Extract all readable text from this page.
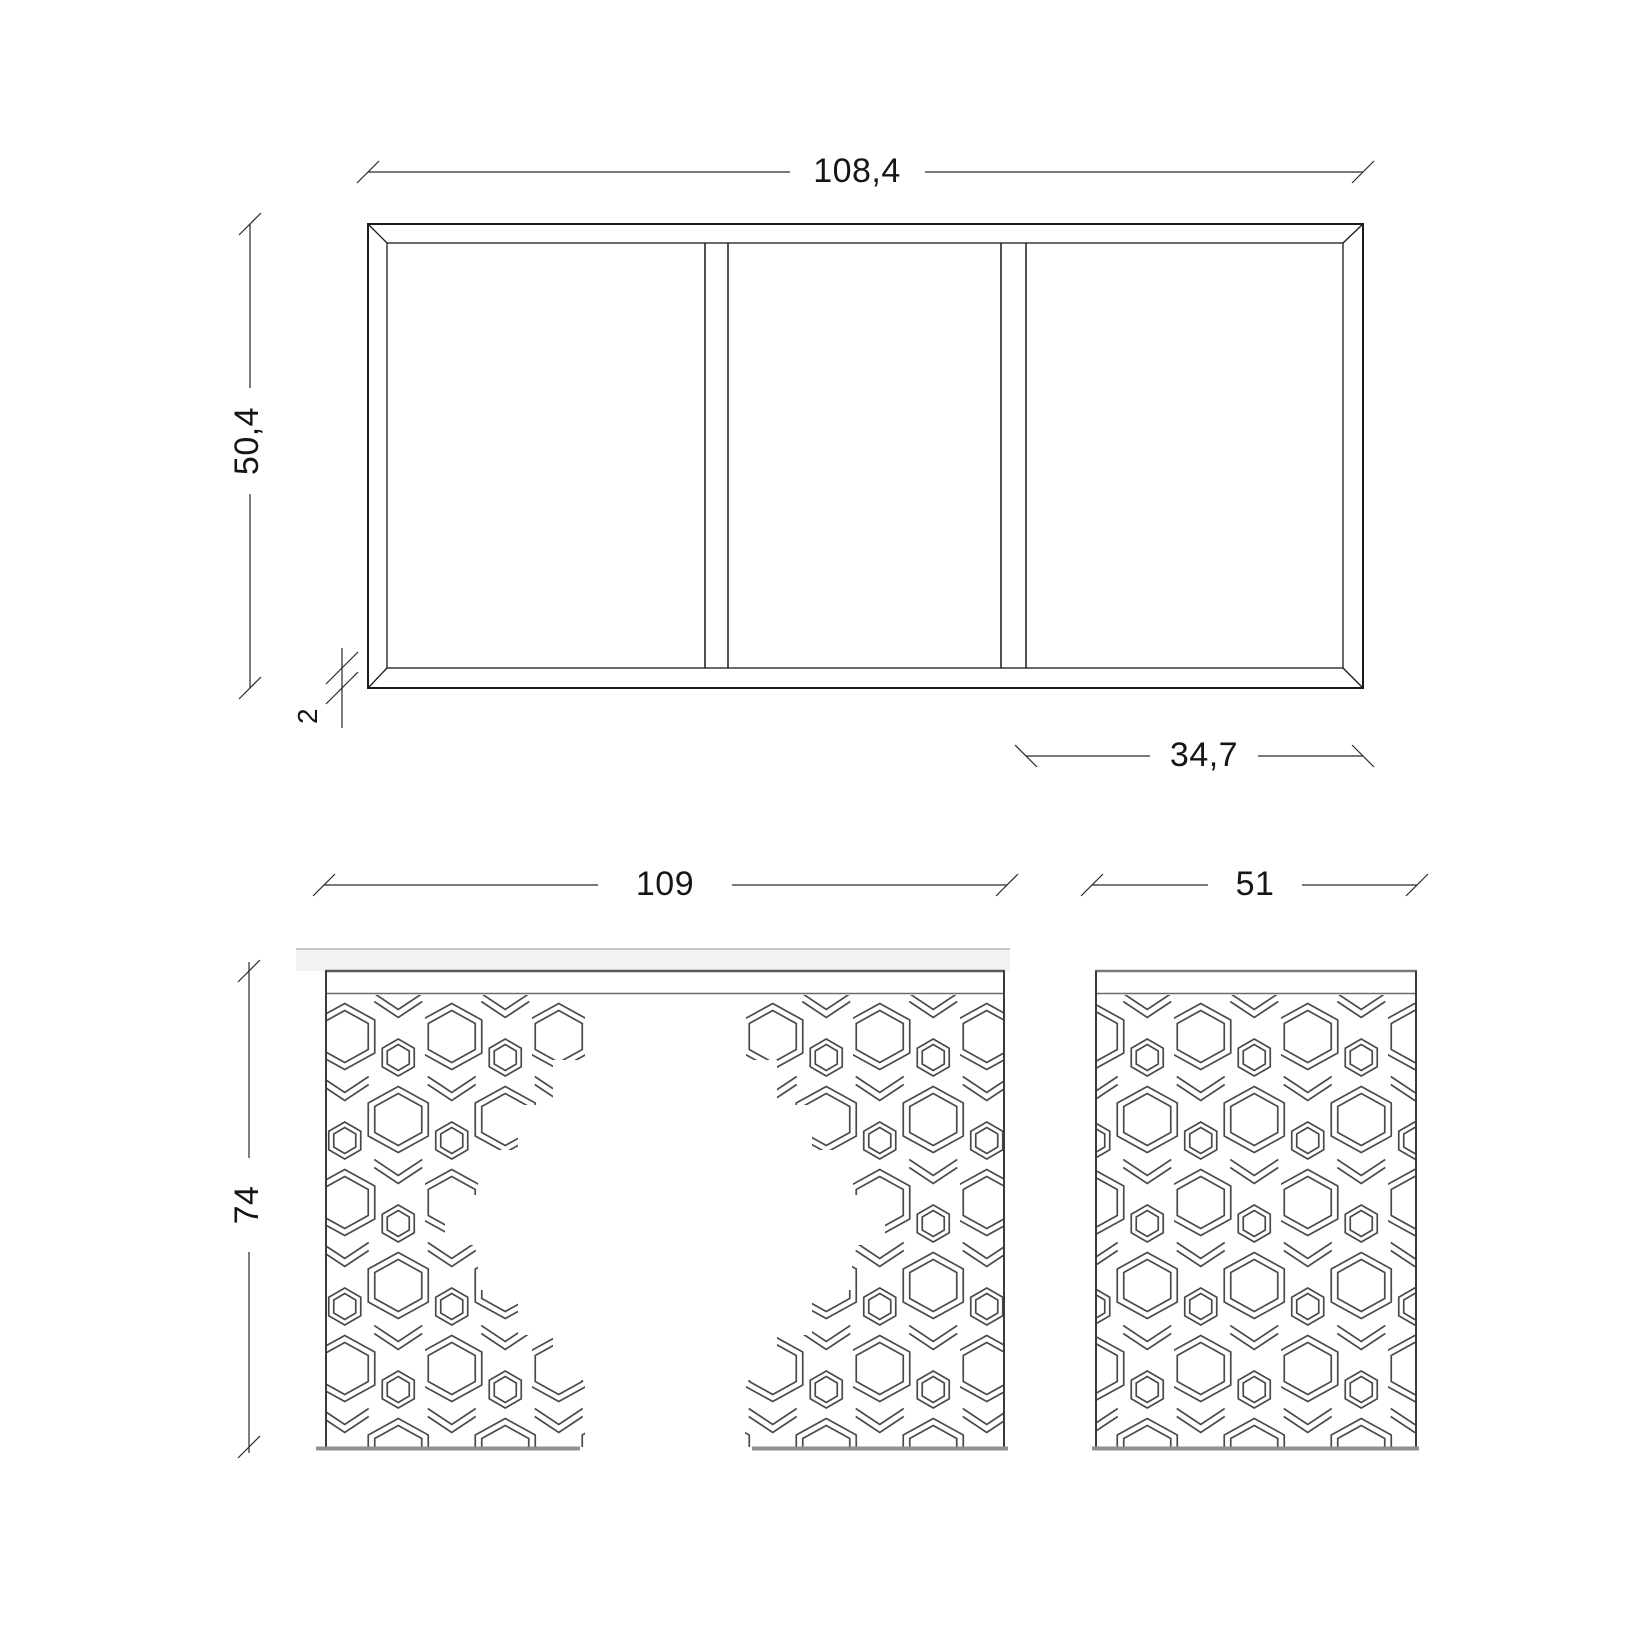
108,4
50,4
2
34,7
109	51
74
